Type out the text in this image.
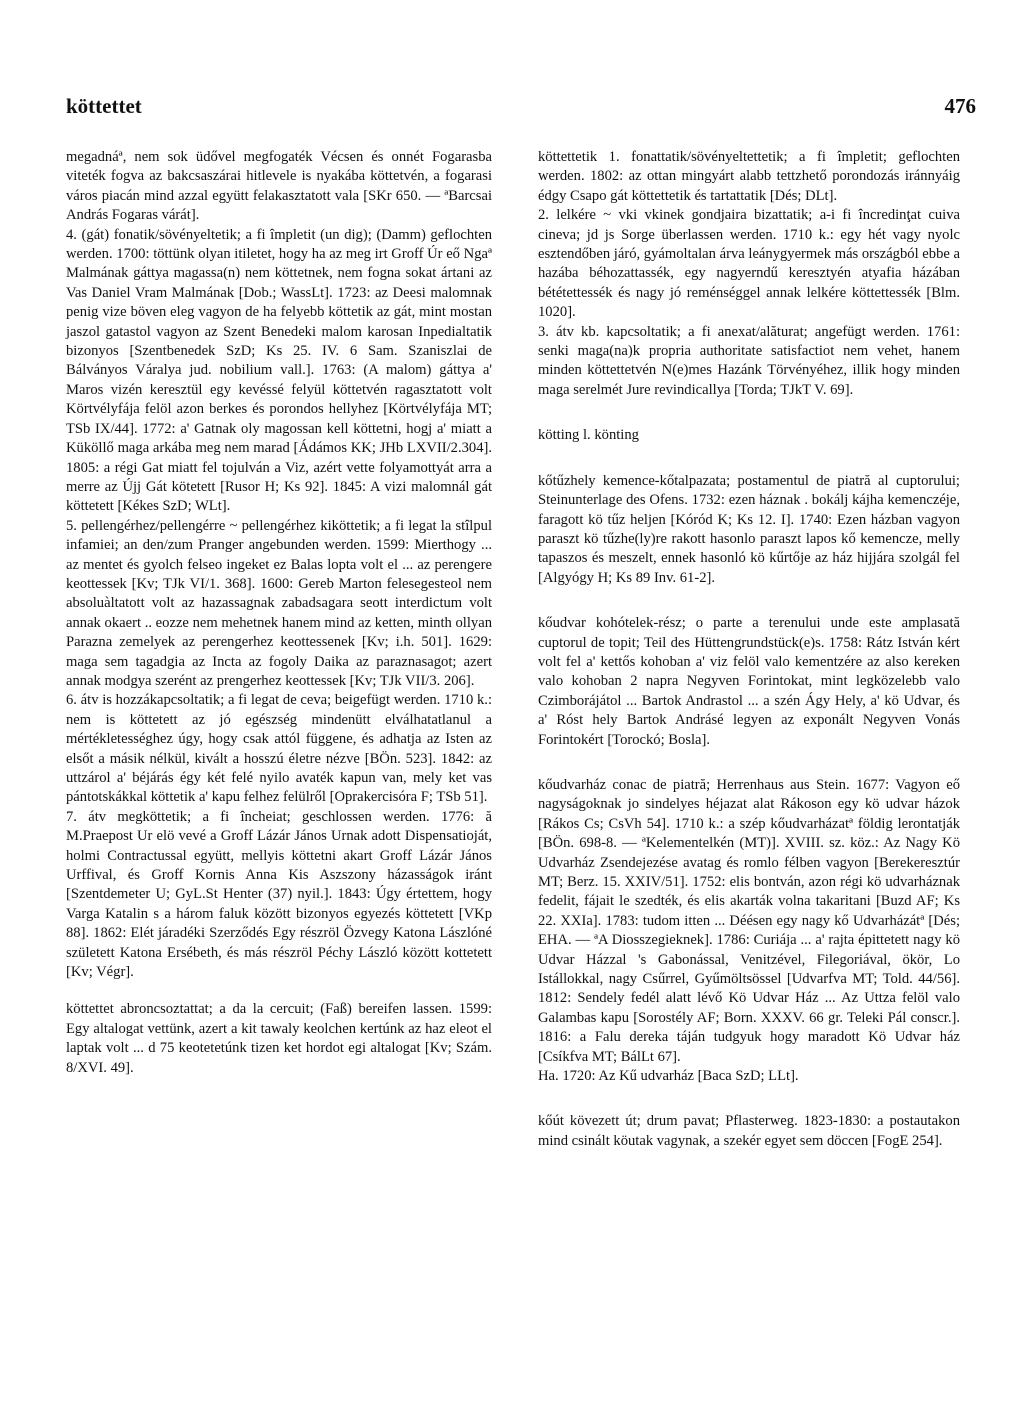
köttettet	476

megadnáª, nem sok üdővel megfogaték Vécsen és onnét Fogarasba viteték fogva az bakcsaszárai hitlevele is nyakába köttetvén, a fogarasi város piacán mind azzal együtt felakasztatott vala [SKr 650. — ªBarcsai András Fogaras várát].

4. (gát) fonatik/sövényeltetik; a fi împletit (un dig); (Damm) geflochten werden. 1700: töttünk olyan itiletet, hogy ha az meg irt Groff Úr eő Ngaª Malmának gáttya magassa(n) nem köttetnek, nem fogna sokat ártani az Vas Daniel Vram Malmának [Dob.; WassLt]. 1723: az Deesi malomnak penig vize böven eleg vagyon de ha felyebb köttetik az gát, mint mostan jaszol gatastol vagyon az Szent Benedeki malom karosan Inpedialtatik bizonyos [Szentbenedek SzD; Ks 25. IV. 6 Sam. Szaniszlai de Bálványos Váralya jud. nobilium vall.]. 1763: (A malom) gáttya a' Maros vizén keresztül egy kevéssé felyül köttetvén ragasztatott volt Körtvélyfája felöl azon berkes és porondos hellyhez [Körtvélyfája MT; TSb IX/44]. 1772: a' Gatnak oly magossan kell köttetni, hogj a' miatt a Küköllő maga arkába meg nem marad [Ádámos KK; JHb LXVII/2.304]. 1805: a régi Gat miatt fel tojulván a Viz, azért vette folyamottyát arra a merre az Újj Gát kötetett [Rusor H; Ks 92]. 1845: A vizi malomnál gát köttetett [Kékes SzD; WLt].

5. pellengérhez/pellengérre ~ pellengérhez kiköttetik; a fi legat la stîlpul infamiei; an den/zum Pranger angebunden werden. 1599: Mierthogy ... az mentet és gyolch felseo ingeket ez Balas lopta volt el ... az perengere keottessek [Kv; TJk VI/1. 368]. 1600: Gereb Marton felesegesteol nem absoluàltatott volt az hazassagnak zabadsagara seott interdictum volt annak okaert .. eozze nem mehetnek hanem mind az ketten, minth ollyan Parazna zemelyek az perengerhez keottessenek [Kv; i.h. 501]. 1629: maga sem tagadgia az Incta az fogoly Daika az paraznasagot; azert annak modgya szerént az prengerhez keottessek [Kv; TJk VII/3. 206].

6. átv is hozzákapcsoltatik; a fi legat de ceva; beigefügt werden. 1710 k.: nem is köttetett az jó egészség mindenütt elválhatatlanul a mértékletességhez úgy, hogy csak attól függene, és adhatja az Isten az elsőt a másik nélkül, kivált a hosszú életre nézve [BÖn. 523]. 1842: az uttzárol a' béjárás égy két felé nyilo avaték kapun van, mely ket vas pántotskákkal köttetik a' kapu felhez felülről [Oprakercisóra F; TSb 51].

7. átv megköttetik; a fi încheiat; geschlossen werden. 1776: ă M.Praepost Ur elö vevé a Groff Lázár János Urnak adott Dispensatioját, holmi Contractussal együtt, mellyis köttetni akart Groff Lázár János Urffival, és Groff Kornis Anna Kis Aszszony házasságok iránt [Szentdemeter U; GyL.St Henter (37) nyil.]. 1843: Úgy értettem, hogy Varga Katalin s a három faluk között bizonyos egyezés köttetett [VKp 88]. 1862: Elét járadéki Szerződés Egy részröl Özvegy Katona Lászlóné született Katona Ersébeth, és más részröl Péchy László között kottetett [Kv; Végr].

köttettet abroncsoztattat; a da la cercuit; (Faß) bereifen lassen. 1599: Egy altalogat vettünk, azert a kit tawaly keolchen kertúnk az haz eleot el laptak volt ... d 75 keotetetúnk tizen ket hordot egi altalogat [Kv; Szám. 8/XVI. 49].

köttettetik 1. fonattatik/sövényeltettetik; a fi împletit; geflochten werden. 1802: az ottan mingyárt alabb tettzhető porondozás iránnyáig édgy Csapo gát köttettetik és tartattatik [Dés; DLt].

2. lelkére ~ vki vkinek gondjaira bizattatik; a-i fi încredinţat cuiva cineva; jd js Sorge überlassen werden. 1710 k.: egy hét vagy nyolc esztendőben járó, gyámoltalan árva leánygyermek más országból ebbe a hazába béhozattassék, egy nagyerndű keresztyén atyafia házában bététettessék és nagy jó reménséggel annak lelkére köttettessék [Blm. 1020].

3. átv kb. kapcsoltatik; a fi anexat/alăturat; angefügt werden. 1761: senki maga(na)k propria authoritate satisfactiot nem vehet, hanem minden köttettetvén N(e)mes Hazánk Törvényéhez, illik hogy minden maga serelmét Jure revindicallya [Torda; TJkT V. 69].

kötting l. könting

kőtűzhely kemence-kőtalpazata; postamentul de piatră al cuptorului; Steinunterlage des Ofens. 1732: ezen háznak . bokálj kájha kemenczéje, faragott kö tűz heljen [Kóród K; Ks 12. I]. 1740: Ezen házban vagyon paraszt kö tűzhe(ly)re rakott hasonlo paraszt lapos kő kemencze, melly tapaszos és meszelt, ennek hasonló kö kűrtője az ház hijjára szolgál fel [Algyógy H; Ks 89 Inv. 61-2].

kőudvar kohótelek-rész; o parte a terenului unde este amplasată cuptorul de topit; Teil des Hüttengrundstück(e)s. 1758: Rátz István kért volt fel a' kettős kohoban a' viz felöl valo kementzére az also kereken valo kohoban 2 napra Negyven Forintokat, mint legközelebb valo Czimborájátol ... Bartok Andrastol ... a szén Ágy Hely, a' kö Udvar, és a' Róst hely Bartok Andrásé legyen az exponált Negyven Vonás Forintokért [Torockó; Bosla].

kőudvarház conac de piatră; Herrenhaus aus Stein. 1677: Vagyon eő nagyságoknak jo sindelyes héjazat alat Rákoson egy kö udvar házok [Rákos Cs; CsVh 54]. 1710 k.: a szép kőudvarházatª földig lerontatják [BÖn. 698-8. — ªKelementelkén (MT)]. XVIII. sz. köz.: Az Nagy Kö Udvarház Zsendejezése avatag és romlo félben vagyon [Berekeresztúr MT; Berz. 15. XXIV/51]. 1752: elis bontván, azon régi kö udvarháznak fedelit, fájait le szedték, és elis akarták volna takaritani [Buzd AF; Ks 22. XXIa]. 1783: tudom itten ... Déésen egy nagy kő Udvarházátª [Dés; EHA. — ªA Diosszegieknek]. 1786: Curiája ... a' rajta épittetett nagy kö Udvar Házzal 's Gabonással, Venitzével, Filegoriával, ökör, Lo Istállokkal, nagy Csűrrel, Gyűmöltsössel [Udvarfva MT; Told. 44/56]. 1812: Sendely fedél alatt lévő Kö Udvar Ház ... Az Uttza felöl valo Galambas kapu [Sorostély AF; Born. XXXV. 66 gr. Teleki Pál conscr.]. 1816: a Falu dereka táján tudgyuk hogy maradott Kö Udvar ház [Csíkfva MT; BálLt 67].

Ha. 1720: Az Kű udvarház [Baca SzD; LLt].

kőút kövezett út; drum pavat; Pflasterweg. 1823-1830: a postautakon mind csinált köutak vagynak, a szekér egyet sem döccen [FogE 254].
